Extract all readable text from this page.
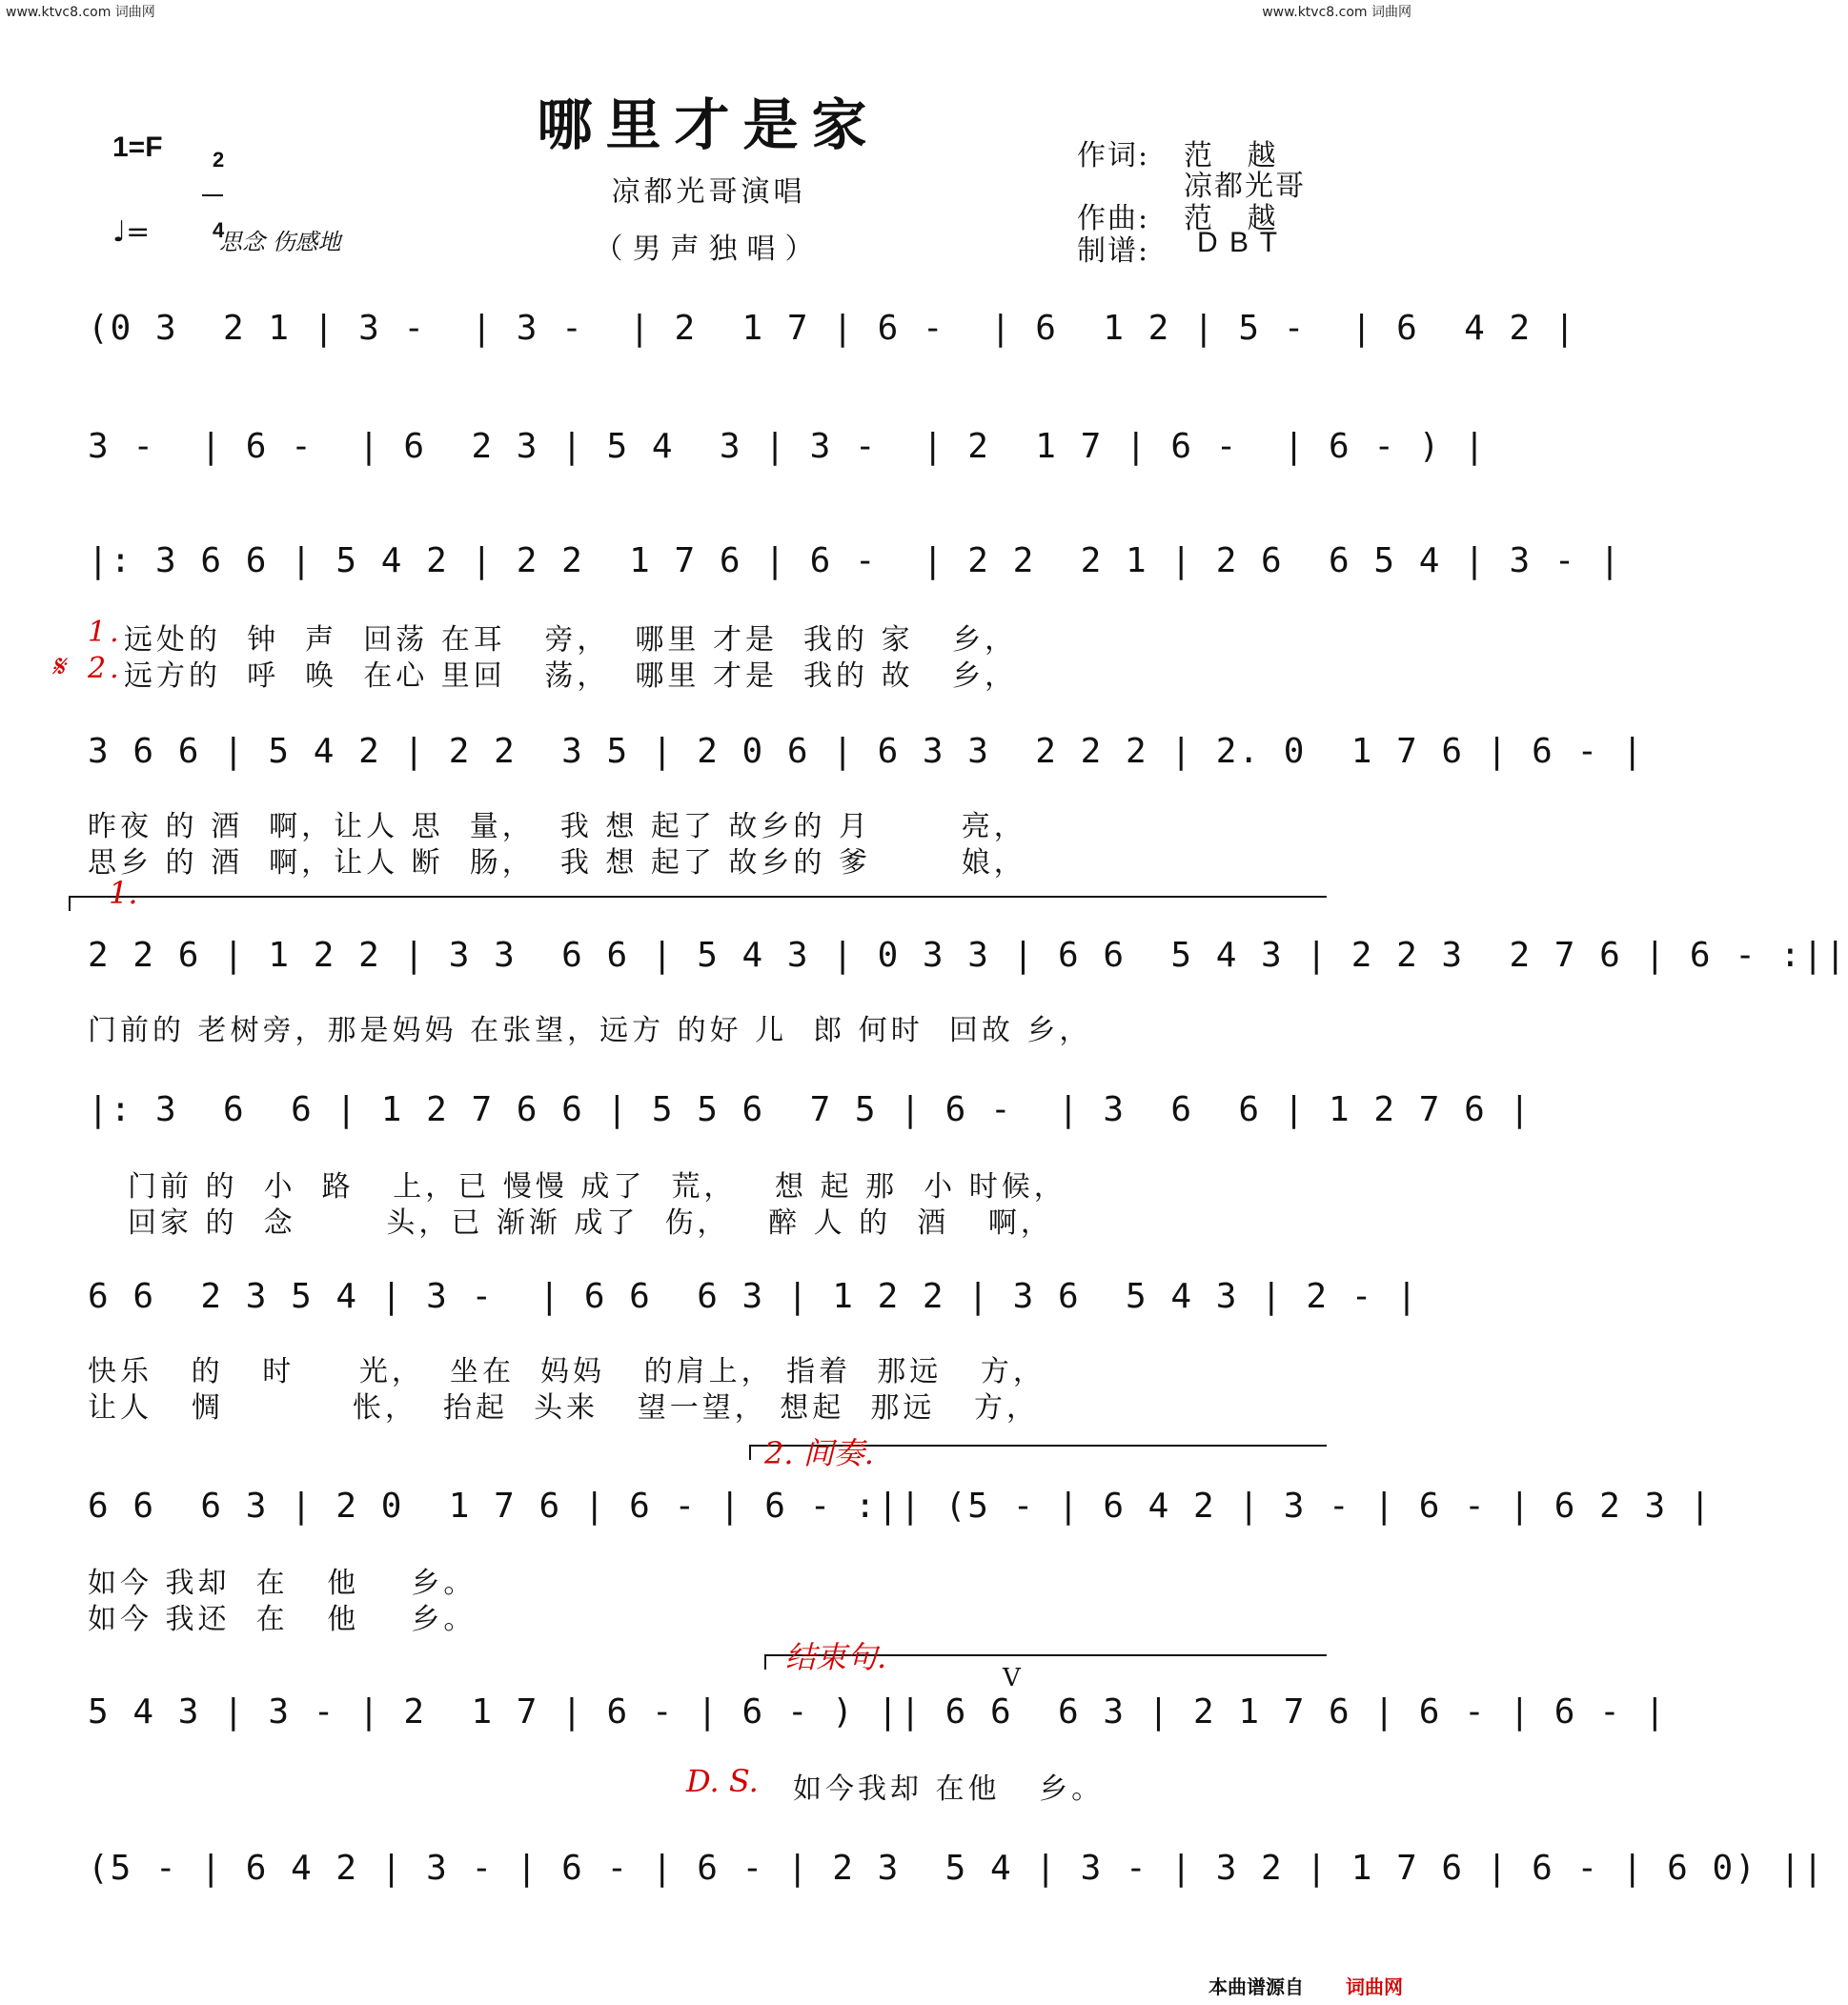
www.ktvc8.com 词曲网	www.ktvc8.com 词曲网
哪里才是家
1=F	2

4

♩=	思念 伤感地
凉都光哥演唱
（男声独唱）
作词: 范   越
凉都光哥
作曲: 范   越
制谱: D B T
(0 3  2 1 | 3 -  | 3 -  | 2  1 7 | 6 -  | 6  1 2 | 5 -  | 6  4 2 |
3 -  | 6 -  | 6  2 3 | 5 4  3 | 3 -  | 2  1 7 | 6 -  | 6 - ) |
|: 3 6 6 | 5 4 2 | 2 2  1 7 6 | 6 -  | 2 2  2 1 | 2 6  6 5 4 | 3 - |
1. 远处的  钟  声  回荡 在耳   旁，  哪里 才是  我的 家   乡，
𝄋 2. 远方的  呼  唤  在心 里回   荡，  哪里 才是  我的 故   乡，
3 6 6 | 5 4 2 | 2 2  3 5 | 2 0 6 | 6 3 3  2 2 2 | 2. 0  1 7 6 | 6 - |
昨夜 的 酒  啊，让人 思  量，  我 想 起了 故乡的 月       亮，
思乡 的 酒  啊，让人 断  肠，  我 想 起了 故乡的 爹       娘，
1.
2 2 6 | 1 2 2 | 3 3  6 6 | 5 4 3 | 0 3 3 | 6 6  5 4 3 | 2 2 3  2 7 6 | 6 - :||
门前的 老树旁，那是妈妈 在张望，远方 的好 儿  郎 何时  回故 乡，
|: 3  6  6 | 1 2 7 6 6 | 5 5 6  7 5 | 6 -  | 3  6  6 | 1 2 7 6 |
门前 的  小  路   上，已 慢慢 成了  荒，   想 起 那  小 时候，
回家 的  念       头，已 渐渐 成了  伤，   醉 人 的  酒   啊，
6 6  2 3 5 4 | 3 -  | 6 6  6 3 | 1 2 2 | 3 6  5 4 3 | 2 - |
快乐   的   时     光，  坐在  妈妈   的肩上， 指着  那远   方，
让人   惆          怅，  抬起  头来   望一望， 想起  那远   方，
2. 间奏.
6 6  6 3 | 2 0  1 7 6 | 6 - | 6 - :|| (5 - | 6 4 2 | 3 - | 6 - | 6 2 3 |
如今 我却  在   他    乡。
如今 我还  在   他    乡。
结束句.
V
5 4 3 | 3 - | 2  1 7 | 6 - | 6 - ) || 6 6  6 3 | 2 1 7 6 | 6 - | 6 - |
D. S. 如今我却 在他   乡。
(5 - | 6 4 2 | 3 - | 6 - | 6 - | 2 3  5 4 | 3 - | 3 2 | 1 7 6 | 6 - | 6 0) ||
本曲谱源自 词曲网
